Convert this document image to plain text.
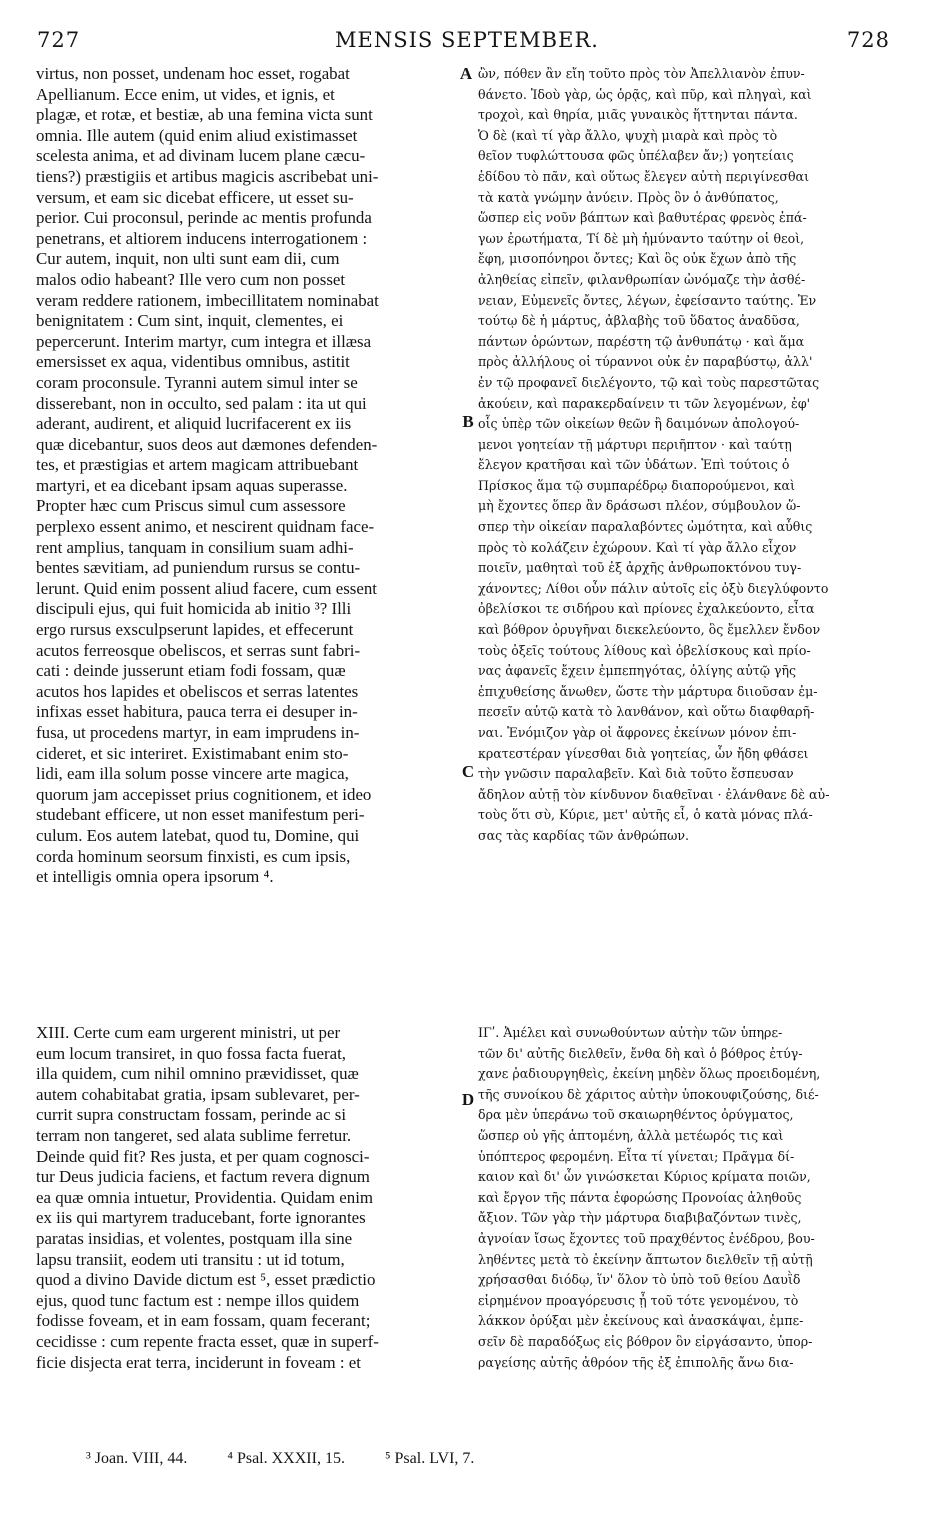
727	MENSIS SEPTEMBER.	728
virtus, non posset, undenam hoc esset, rogabat
Apellianum. Ecce enim, ut vides, et ignis, et
plagæ, et rotæ, et bestiæ, ab una femina victa sunt
omnia. Ille autem (quid enim aliud existimasset
scelesta anima, et ad divinam lucem plane cæcu-
tiens?) præstigiis et artibus magicis ascribebat uni-
versum, et eam sic dicebat efficere, ut esset su-
perior. Cui proconsul, perinde ac mentis profunda
penetrans, et altiorem inducens interrogationem :
Cur autem, inquit, non ulti sunt eam dii, cum
malos odio habeant? Ille vero cum non posset
veram reddere rationem, imbecillitatem nominabat
benignitatem : Cum sint, inquit, clementes, ei
pepercerunt. Interim martyr, cum integra et illæsa
emersisset ex aqua, videntibus omnibus, astitit
coram proconsule. Tyranni autem simul inter se
disserebant, non in occulto, sed palam : ita ut qui
aderant, audirent, et aliquid lucrifacerent ex iis
quæ dicebantur, suos deos aut dæmones defenden-
tes, et præstigias et artem magicam attribuebant
martyri, et ea dicebant ipsam aquas superasse.
Propter hæc cum Priscus simul cum assessore
perplexo essent animo, et nescirent quidnam face-
rent amplius, tanquam in consilium suam adhi-
bentes sævitiam, ad puniendum rursus se contu-
lerunt. Quid enim possent aliud facere, cum essent
discipuli ejus, qui fuit homicida ab initio ³? Illi
ergo rursus exsculpserunt lapides, et effecerunt
acutos ferreosque obeliscos, et serras sunt fabri-
cati : deinde jusserunt etiam fodi fossam, quæ
acutos hos lapides et obeliscos et serras latentes
infixas esset habitura, pauca terra ei desuper in-
fusa, ut procedens martyr, in eam imprudens in-
cideret, et sic interiret. Existimabant enim sto-
lidi, eam illa solum posse vincere arte magica,
quorum jam accepisset prius cognitionem, et ideo
studebant efficere, ut non esset manifestum peri-
culum. Eos autem latebat, quod tu, Domine, qui
corda hominum seorsum finxisti, es cum ipsis,
et intelligis omnia opera ipsorum ⁴.
ὢν, πόθεν ἂν εἴη τοῦτο πρὸς τὸν Ἀπελλιανὸν ἐπυν-
θάνετο. Ἰδοὺ γὰρ, ὡς ὁρᾷς, καὶ πῦρ, καὶ πληγαὶ, καὶ
τροχοὶ, καὶ θηρία, μιᾶς γυναικὸς ἥττηνται πάντα.
Ὁ δὲ (καὶ τί γὰρ ἄλλο, ψυχὴ μιαρὰ καὶ πρὸς τὸ
θεῖον τυφλώττουσα φῶς ὑπέλαβεν ἄν;) γοητείαις
ἐδίδου τὸ πᾶν, καὶ οὕτως ἔλεγεν αὐτὴ περιγίνεσθαι
τὰ κατὰ γνώμην ἀνύειν. Πρὸς ὃν ὁ ἀνθύπατος,
ὥσπερ εἰς νοῦν βάπτων καὶ βαθυτέρας φρενὸς ἐπά-
γων ἐρωτήματα, Τί δὲ μὴ ἠμύναντο ταύτην οἱ θεοὶ,
ἔφη, μισοπόνηροι ὄντες; Καὶ ὃς οὐκ ἔχων ἀπὸ τῆς
ἀληθείας εἰπεῖν, φιλανθρωπίαν ὠνόμαζε τὴν ἀσθέ-
νειαν, Εὐμενεῖς ὄντες, λέγων, ἐφείσαντο ταύτης. Ἐν
τούτῳ δὲ ἡ μάρτυς, ἀβλαβὴς τοῦ ὕδατος ἀναδῦσα,
πάντων ὁρώντων, παρέστη τῷ ἀνθυπάτῳ · καὶ ἅμα
πρὸς ἀλλήλους οἱ τύραννοι οὐκ ἐν παραβύστῳ, ἀλλ'
ἐν τῷ προφανεῖ διελέγοντο, τῷ καὶ τοὺς παρεστῶτας
ἀκούειν, καὶ παρακερδαίνειν τι τῶν λεγομένων, ἐφ'
οἷς ὑπὲρ τῶν οἰκείων θεῶν ἢ δαιμόνων ἀπολογού-
μενοι γοητείαν τῇ μάρτυρι περιῆπτον · καὶ ταύτῃ
ἔλεγον κρατῆσαι καὶ τῶν ὑδάτων. Ἐπὶ τούτοις ὁ
Πρίσκος ἅμα τῷ συμπαρέδρῳ διαπορούμενοι, καὶ
μὴ ἔχοντες ὅπερ ἂν δράσωσι πλέον, σύμβουλον ὥ-
σπερ τὴν οἰκείαν παραλαβόντες ὠμότητα, καὶ αὖθις
πρὸς τὸ κολάζειν ἐχώρουν. Καὶ τί γὰρ ἄλλο εἶχον
ποιεῖν, μαθηταὶ τοῦ ἐξ ἀρχῆς ἀνθρωποκτόνου τυγ-
χάνοντες; Λίθοι οὖν πάλιν αὐτοῖς εἰς ὀξὺ διεγλύφοντο
ὀβελίσκοι τε σιδήρου καὶ πρίονες ἐχαλκεύοντο, εἶτα
καὶ βόθρον ὀρυγῆναι διεκελεύοντο, ὃς ἔμελλεν ἔνδον
τοὺς ὀξεῖς τούτους λίθους καὶ ὀβελίσκους καὶ πρίο-
νας ἀφανεῖς ἔχειν ἐμπεπηγότας, ὀλίγης αὐτῷ γῆς
ἐπιχυθείσης ἄνωθεν, ὥστε τὴν μάρτυρα διιοῦσαν ἐμ-
πεσεῖν αὐτῷ κατὰ τὸ λανθάνον, καὶ οὕτω διαφθαρῆ-
ναι. Ἐνόμιζον γὰρ οἱ ἄφρονες ἐκείνων μόνον ἐπι-
κρατεστέραν γίνεσθαι διὰ γοητείας, ὧν ἤδη φθάσει
τὴν γνῶσιν παραλαβεῖν. Καὶ διὰ τοῦτο ἔσπευσαν
ἄδηλον αὐτῇ τὸν κίνδυνον διαθεῖναι · ἐλάνθανε δὲ αὐ-
τοὺς ὅτι σὺ, Κύριε, μετ' αὐτῆς εἶ, ὁ κατὰ μόνας πλά-
σας τὰς καρδίας τῶν ἀνθρώπων.
XIII. Certe cum eam urgerent ministri, ut per
eum locum transiret, in quo fossa facta fuerat,
illa quidem, cum nihil omnino prævidisset, quæ
autem cohabitabat gratia, ipsam sublevaret, per-
currit supra constructam fossam, perinde ac si
terram non tangeret, sed alata sublime ferretur.
Deinde quid fit? Res justa, et per quam cognosci-
tur Deus judicia faciens, et factum revera dignum
ea quæ omnia intuetur, Providentia. Quidam enim
ex iis qui martyrem traducebant, forte ignorantes
paratas insidias, et volentes, postquam illa sine
lapsu transiit, eodem uti transitu : ut id totum,
quod a divino Davide dictum est ⁵, esset prædictio
ejus, quod tunc factum est : nempe illos quidem
fodisse foveam, et in eam fossam, quam fecerant;
cecidisse : cum repente fracta esset, quæ in superf-
ficie disjecta erat terra, inciderunt in foveam : et
ΙΓʹ. Ἀμέλει καὶ συνωθούντων αὐτὴν τῶν ὑπηρε-
τῶν δι' αὐτῆς διελθεῖν, ἔνθα δὴ καὶ ὁ βόθρος ἐτύγ-
χανε ῥαδιουργηθεὶς, ἐκείνη μηδὲν ὅλως προειδομένη,
τῆς συνοίκου δὲ χάριτος αὐτὴν ὑποκουφιζούσης, διέ-
δρα μὲν ὑπεράνω τοῦ σκαιωρηθέντος ὀρύγματος,
ὥσπερ οὐ γῆς ἁπτομένη, ἀλλὰ μετέωρός τις καὶ
ὑπόπτερος φερομένη. Εἶτα τί γίνεται; Πρᾶγμα δί-
καιον καὶ δι' ὧν γινώσκεται Κύριος κρίματα ποιῶν,
καὶ ἔργον τῆς πάντα ἐφορώσης Προνοίας ἀληθοῦς
ἄξιον. Τῶν γὰρ τὴν μάρτυρα διαβιβαζόντων τινὲς,
ἀγνοίαν ἴσως ἔχοντες τοῦ πραχθέντος ἐνέδρου, βου-
ληθέντες μετὰ τὸ ἐκείνην ἄπτωτον διελθεῖν τῇ αὐτῇ
χρήσασθαι διόδῳ, ἵν' ὅλον τὸ ὑπὸ τοῦ θείου Δαυῒδ
εἰρημένον προαγόρευσις ᾖ τοῦ τότε γενομένου, τὸ
λάκκον ὀρύξαι μὲν ἐκείνους καὶ ἀνασκάψαι, ἐμπε-
σεῖν δὲ παραδόξως εἰς βόθρον ὃν εἰργάσαντο, ὑπορ-
ραγείσης αὐτῆς ἀθρόον τῆς ἐξ ἐπιπολῆς ἄνω δια-
A
B
C
D
³ Joan. VIII, 44.	⁴ Psal. XXXII, 15.	⁵ Psal. LVI, 7.
